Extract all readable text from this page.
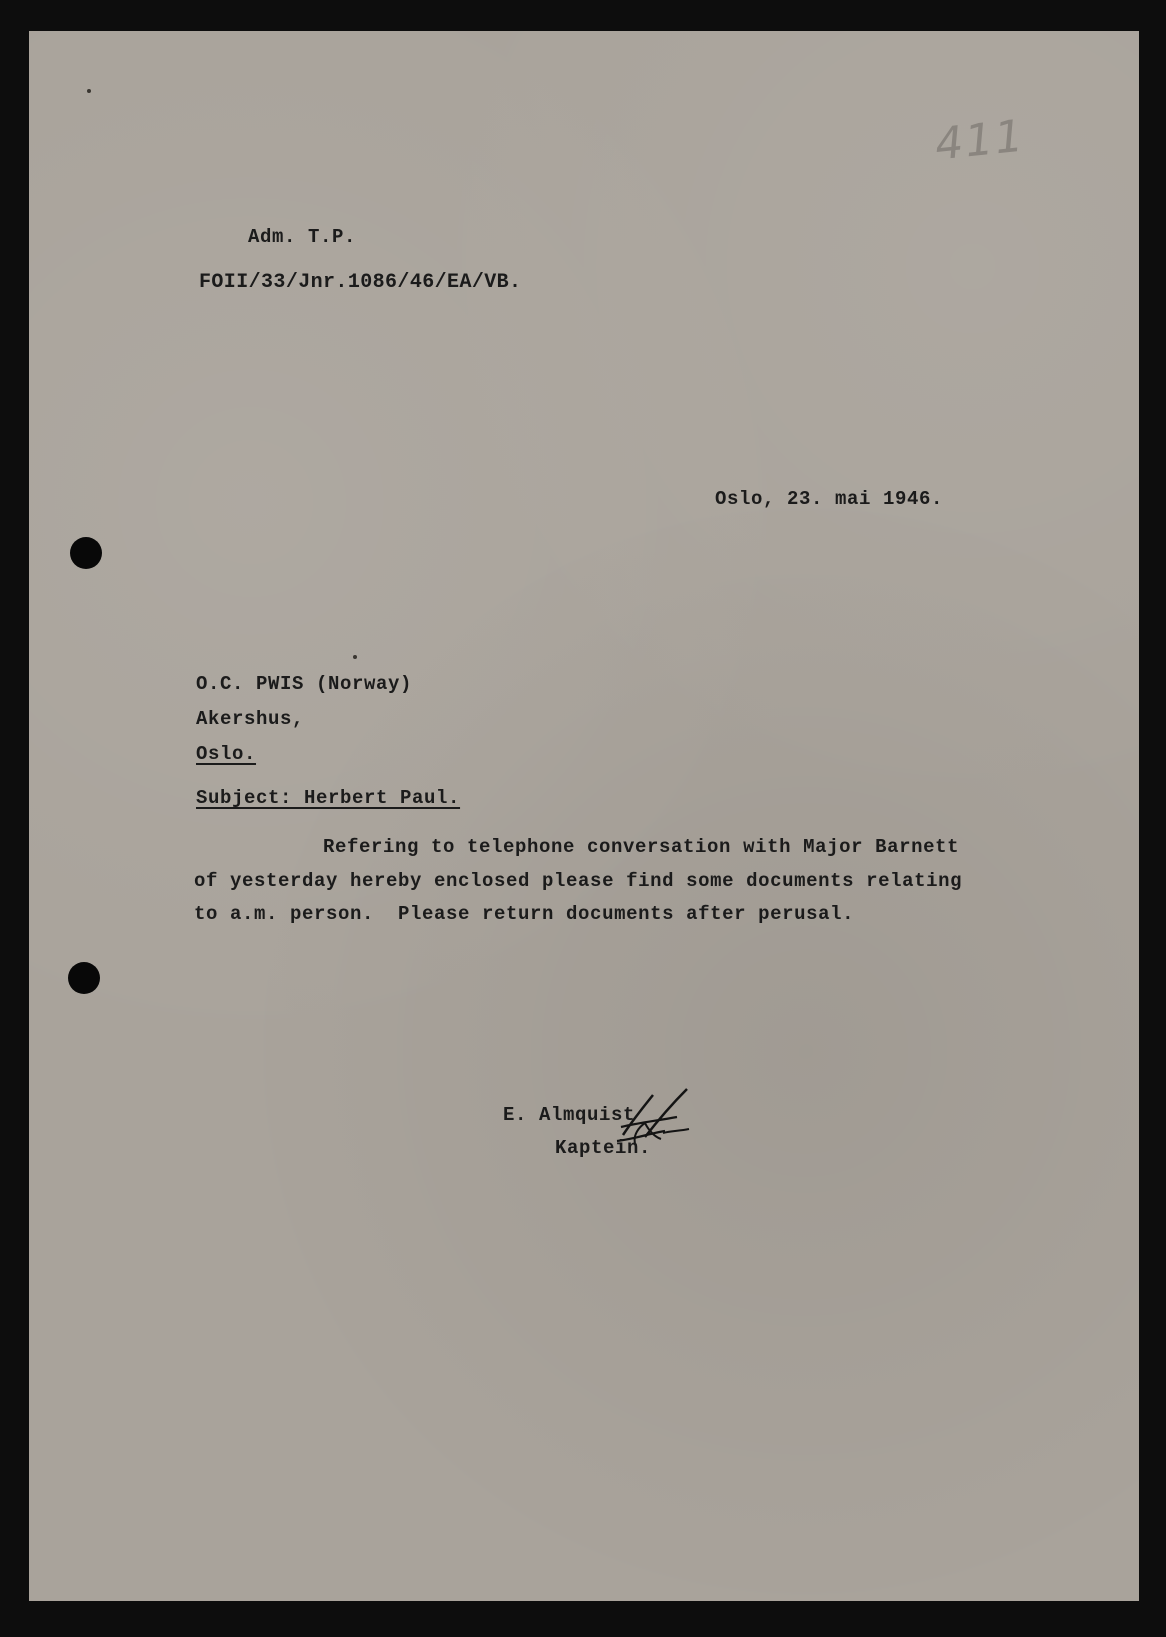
411
Adm. T.P.
FOII/33/Jnr.1086/46/EA/VB.
Oslo, 23. mai 1946.
O.C. PWIS (Norway)
Akershus,
Oslo.
Subject: Herbert Paul.
Refering to telephone conversation with Major Barnett
of yesterday hereby enclosed please find some documents relating
to a.m. person.  Please return documents after perusal.
E. Almquist
Kaptein.
